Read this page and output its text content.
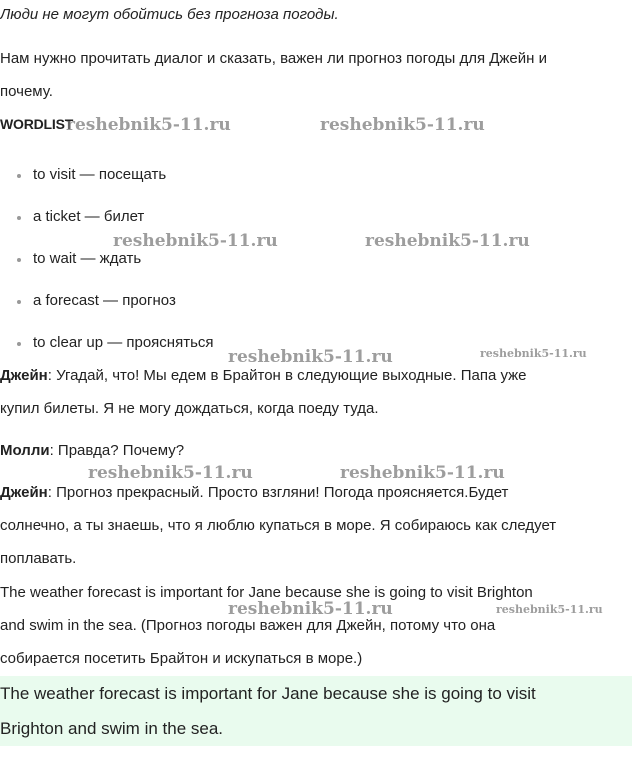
Люди не могут обойтись без прогноза погоды.
Нам нужно прочитать диалог и сказать, важен ли прогноз погоды для Джейн и
почему.
WORDLIST
to visit — посещать
a ticket — билет
to wait — ждать
a forecast — прогноз
to clear up — проясняться
Джейн: Угадай, что! Мы едем в Брайтон в следующие выходные. Папа уже
купил билеты. Я не могу дождаться, когда поеду туда.
Молли: Правда? Почему?
Джейн: Прогноз прекрасный. Просто взгляни! Погода проясняется.Будет
солнечно, а ты знаешь, что я люблю купаться в море. Я собираюсь как следует
поплавать.
The weather forecast is important for Jane because she is going to visit Brighton
and swim in the sea. (Прогноз погоды важен для Джейн, потому что она
собирается посетить Брайтон и искупаться в море.)
The weather forecast is important for Jane because she is going to visit
Brighton and swim in the sea.
reshebnik5-11.ru	reshebnik5-11.ru
reshebnik5-11.ru	reshebnik5-11.ru
reshebnik5-11.ru	reshebnik5-11.ru
reshebnik5-11.ru	reshebnik5-11.ru
reshebnik5-11.ru	reshebnik5-11.ru
